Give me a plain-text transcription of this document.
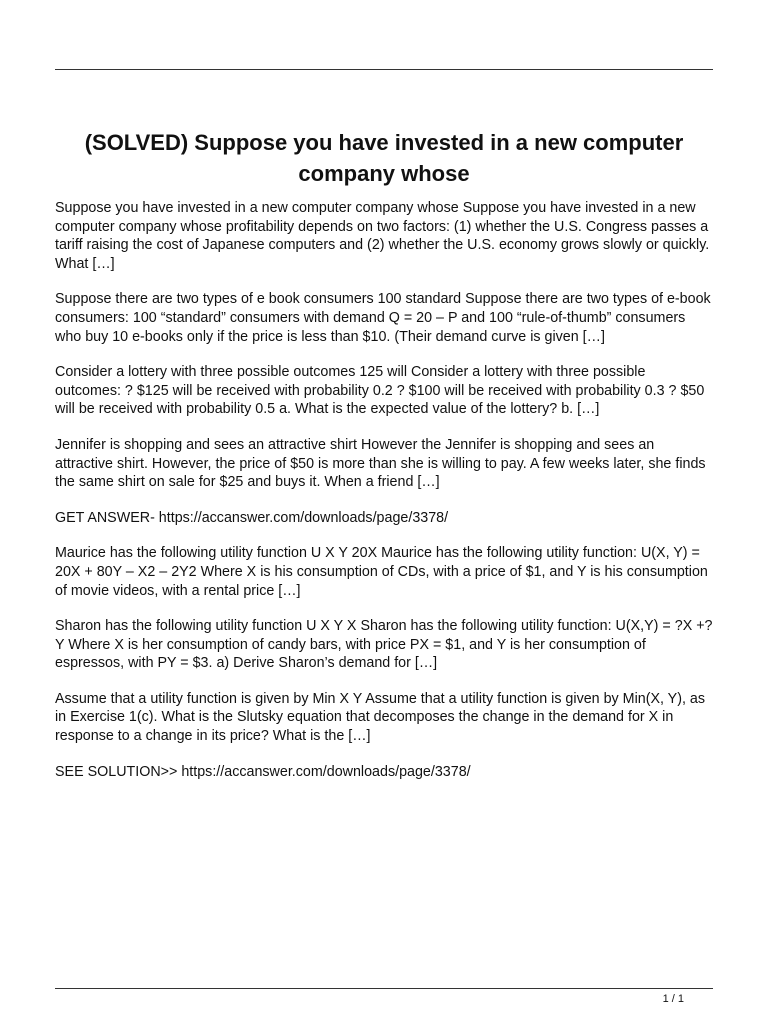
(SOLVED) Suppose you have invested in a new computer company whose

Suppose you have invested in a new computer company whose Suppose you have invested in a new computer company whose profitability depends on two factors: (1) whether the U.S. Congress passes a tariff raising the cost of Japanese computers and (2) whether the U.S. economy grows slowly or quickly. What […]

Suppose there are two types of e book consumers 100 standard Suppose there are two types of e-book consumers: 100 “standard” consumers with demand Q = 20 – P and 100 “rule-of-thumb” consumers who buy 10 e-books only if the price is less than $10. (Their demand curve is given […]

Consider a lottery with three possible outcomes 125 will Consider a lottery with three possible outcomes: ? $125 will be received with probability 0.2 ? $100 will be received with probability 0.3 ? $50 will be received with probability 0.5 a. What is the expected value of the lottery? b. […]

Jennifer is shopping and sees an attractive shirt However the Jennifer is shopping and sees an attractive shirt. However, the price of $50 is more than she is willing to pay. A few weeks later, she finds the same shirt on sale for $25 and buys it. When a friend […]

GET ANSWER- https://accanswer.com/downloads/page/3378/

Maurice has the following utility function U X Y 20X Maurice has the following utility function: U(X, Y) = 20X + 80Y – X2 – 2Y2 Where X is his consumption of CDs, with a price of $1, and Y is his consumption of movie videos, with a rental price […]

Sharon has the following utility function U X Y X Sharon has the following utility function: U(X,Y) = ?X +? Y Where X is her consumption of candy bars, with price PX = $1, and Y is her consumption of espressos, with PY = $3. a) Derive Sharon’s demand for […]

Assume that a utility function is given by Min X Y Assume that a utility function is given by Min(X, Y), as in Exercise 1(c). What is the Slutsky equation that decomposes the change in the demand for X in response to a change in its price? What is the […]

SEE SOLUTION>> https://accanswer.com/downloads/page/3378/

1 / 1
